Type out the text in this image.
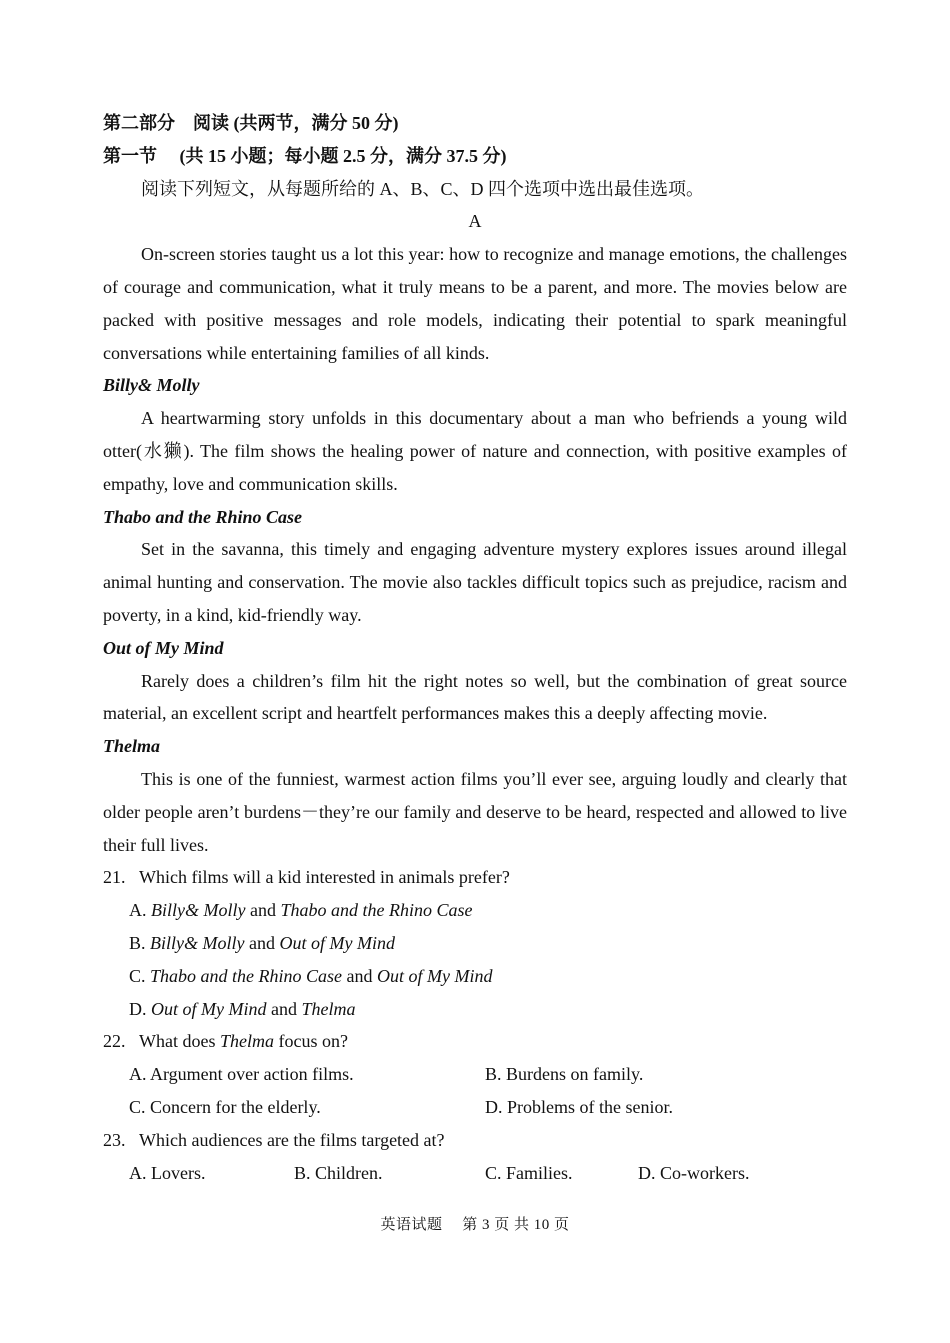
第二部分　阅读 (共两节，满分 50 分)
第一节　 (共 15 小题；每小题 2.5 分，满分 37.5 分)
阅读下列短文，从每题所给的 A、B、C、D 四个选项中选出最佳选项。
A
On-screen stories taught us a lot this year: how to recognize and manage emotions, the challenges of courage and communication, what it truly means to be a parent, and more. The movies below are packed with positive messages and role models, indicating their potential to spark meaningful conversations while entertaining families of all kinds.
Billy& Molly
A heartwarming story unfolds in this documentary about a man who befriends a young wild otter(水獭). The film shows the healing power of nature and connection, with positive examples of empathy, love and communication skills.
Thabo and the Rhino Case
Set in the savanna, this timely and engaging adventure mystery explores issues around illegal animal hunting and conservation. The movie also tackles difficult topics such as prejudice, racism and poverty, in a kind, kid-friendly way.
Out of My Mind
Rarely does a children’s film hit the right notes so well, but the combination of great source material, an excellent script and heartfelt performances makes this a deeply affecting movie.
Thelma
This is one of the funniest, warmest action films you’ll ever see, arguing loudly and clearly that older people aren’t burdens－they’re our family and deserve to be heard, respected and allowed to live their full lives.
21. Which films will a kid interested in animals prefer?
A. Billy& Molly and Thabo and the Rhino Case
B. Billy& Molly and Out of My Mind
C. Thabo and the Rhino Case and Out of My Mind
D. Out of My Mind and Thelma
22. What does Thelma focus on?
A. Argument over action films.	B. Burdens on family.
C. Concern for the elderly.	D. Problems of the senior.
23. Which audiences are the films targeted at?
A. Lovers.	B. Children.	C. Families.	D. Co-workers.
英语试题　 第 3 页 共 10 页
